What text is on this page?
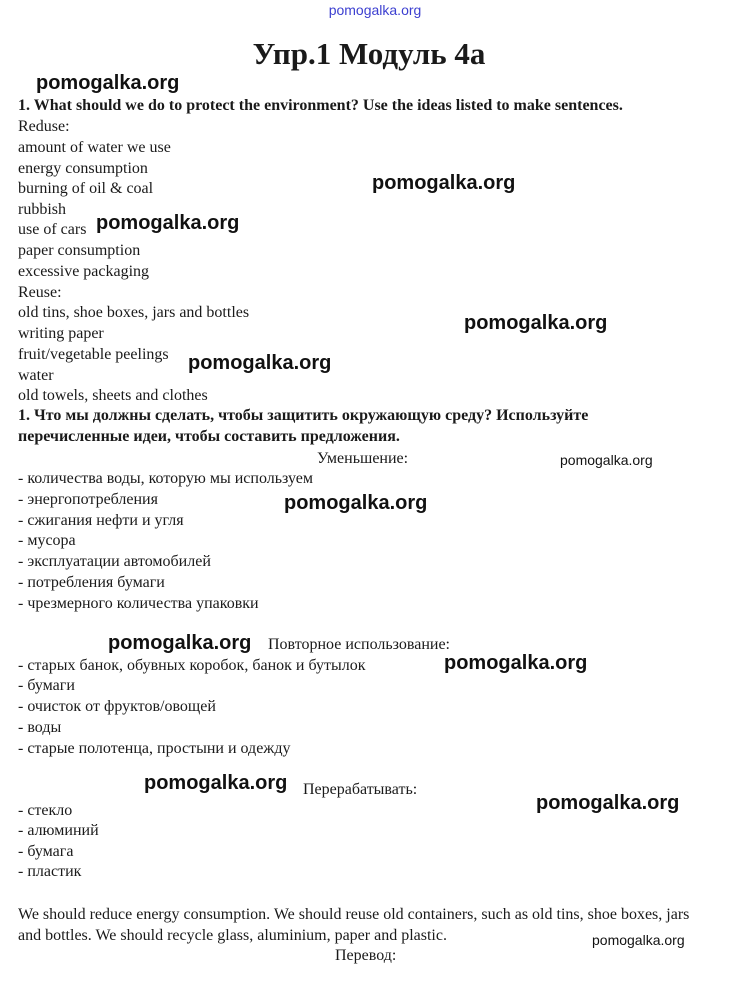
pomogalka.org
Упр.1 Модуль 4а
1. What should we do to protect the environment? Use the ideas listed to make sentences.
Reduse:
amount of water we use
energy consumption
burning of oil & coal
rubbish
use of cars
paper consumption
excessive packaging
Reuse:
old tins, shoe boxes, jars and bottles
writing paper
fruit/vegetable peelings
water
old towels, sheets and clothes
1. Что мы должны сделать, чтобы защитить окружающую среду? Используйте
перечисленные идеи, чтобы составить предложения.
Уменьшение:
- количества воды, которую мы используем
- энергопотребления
- сжигания нефти и угля
- мусора
- эксплуатации автомобилей
- потребления бумаги
- чрезмерного количества упаковки
Повторное использование:
- старых банок, обувных коробок, банок и бутылок
- бумаги
- очисток от фруктов/овощей
- воды
- старые полотенца, простыни и одежду
Перерабатывать:
- стекло
- алюминий
- бумага
- пластик
We should reduce energy consumption. We should reuse old containers, such as old tins, shoe boxes, jars and bottles. We should recycle glass, aluminium, paper and plastic.
Перевод:
pomogalka.org
pomogalka.org
pomogalka.org
pomogalka.org
pomogalka.org
pomogalka.org
pomogalka.org
pomogalka.org
pomogalka.org
pomogalka.org
pomogalka.org
pomogalka.org
